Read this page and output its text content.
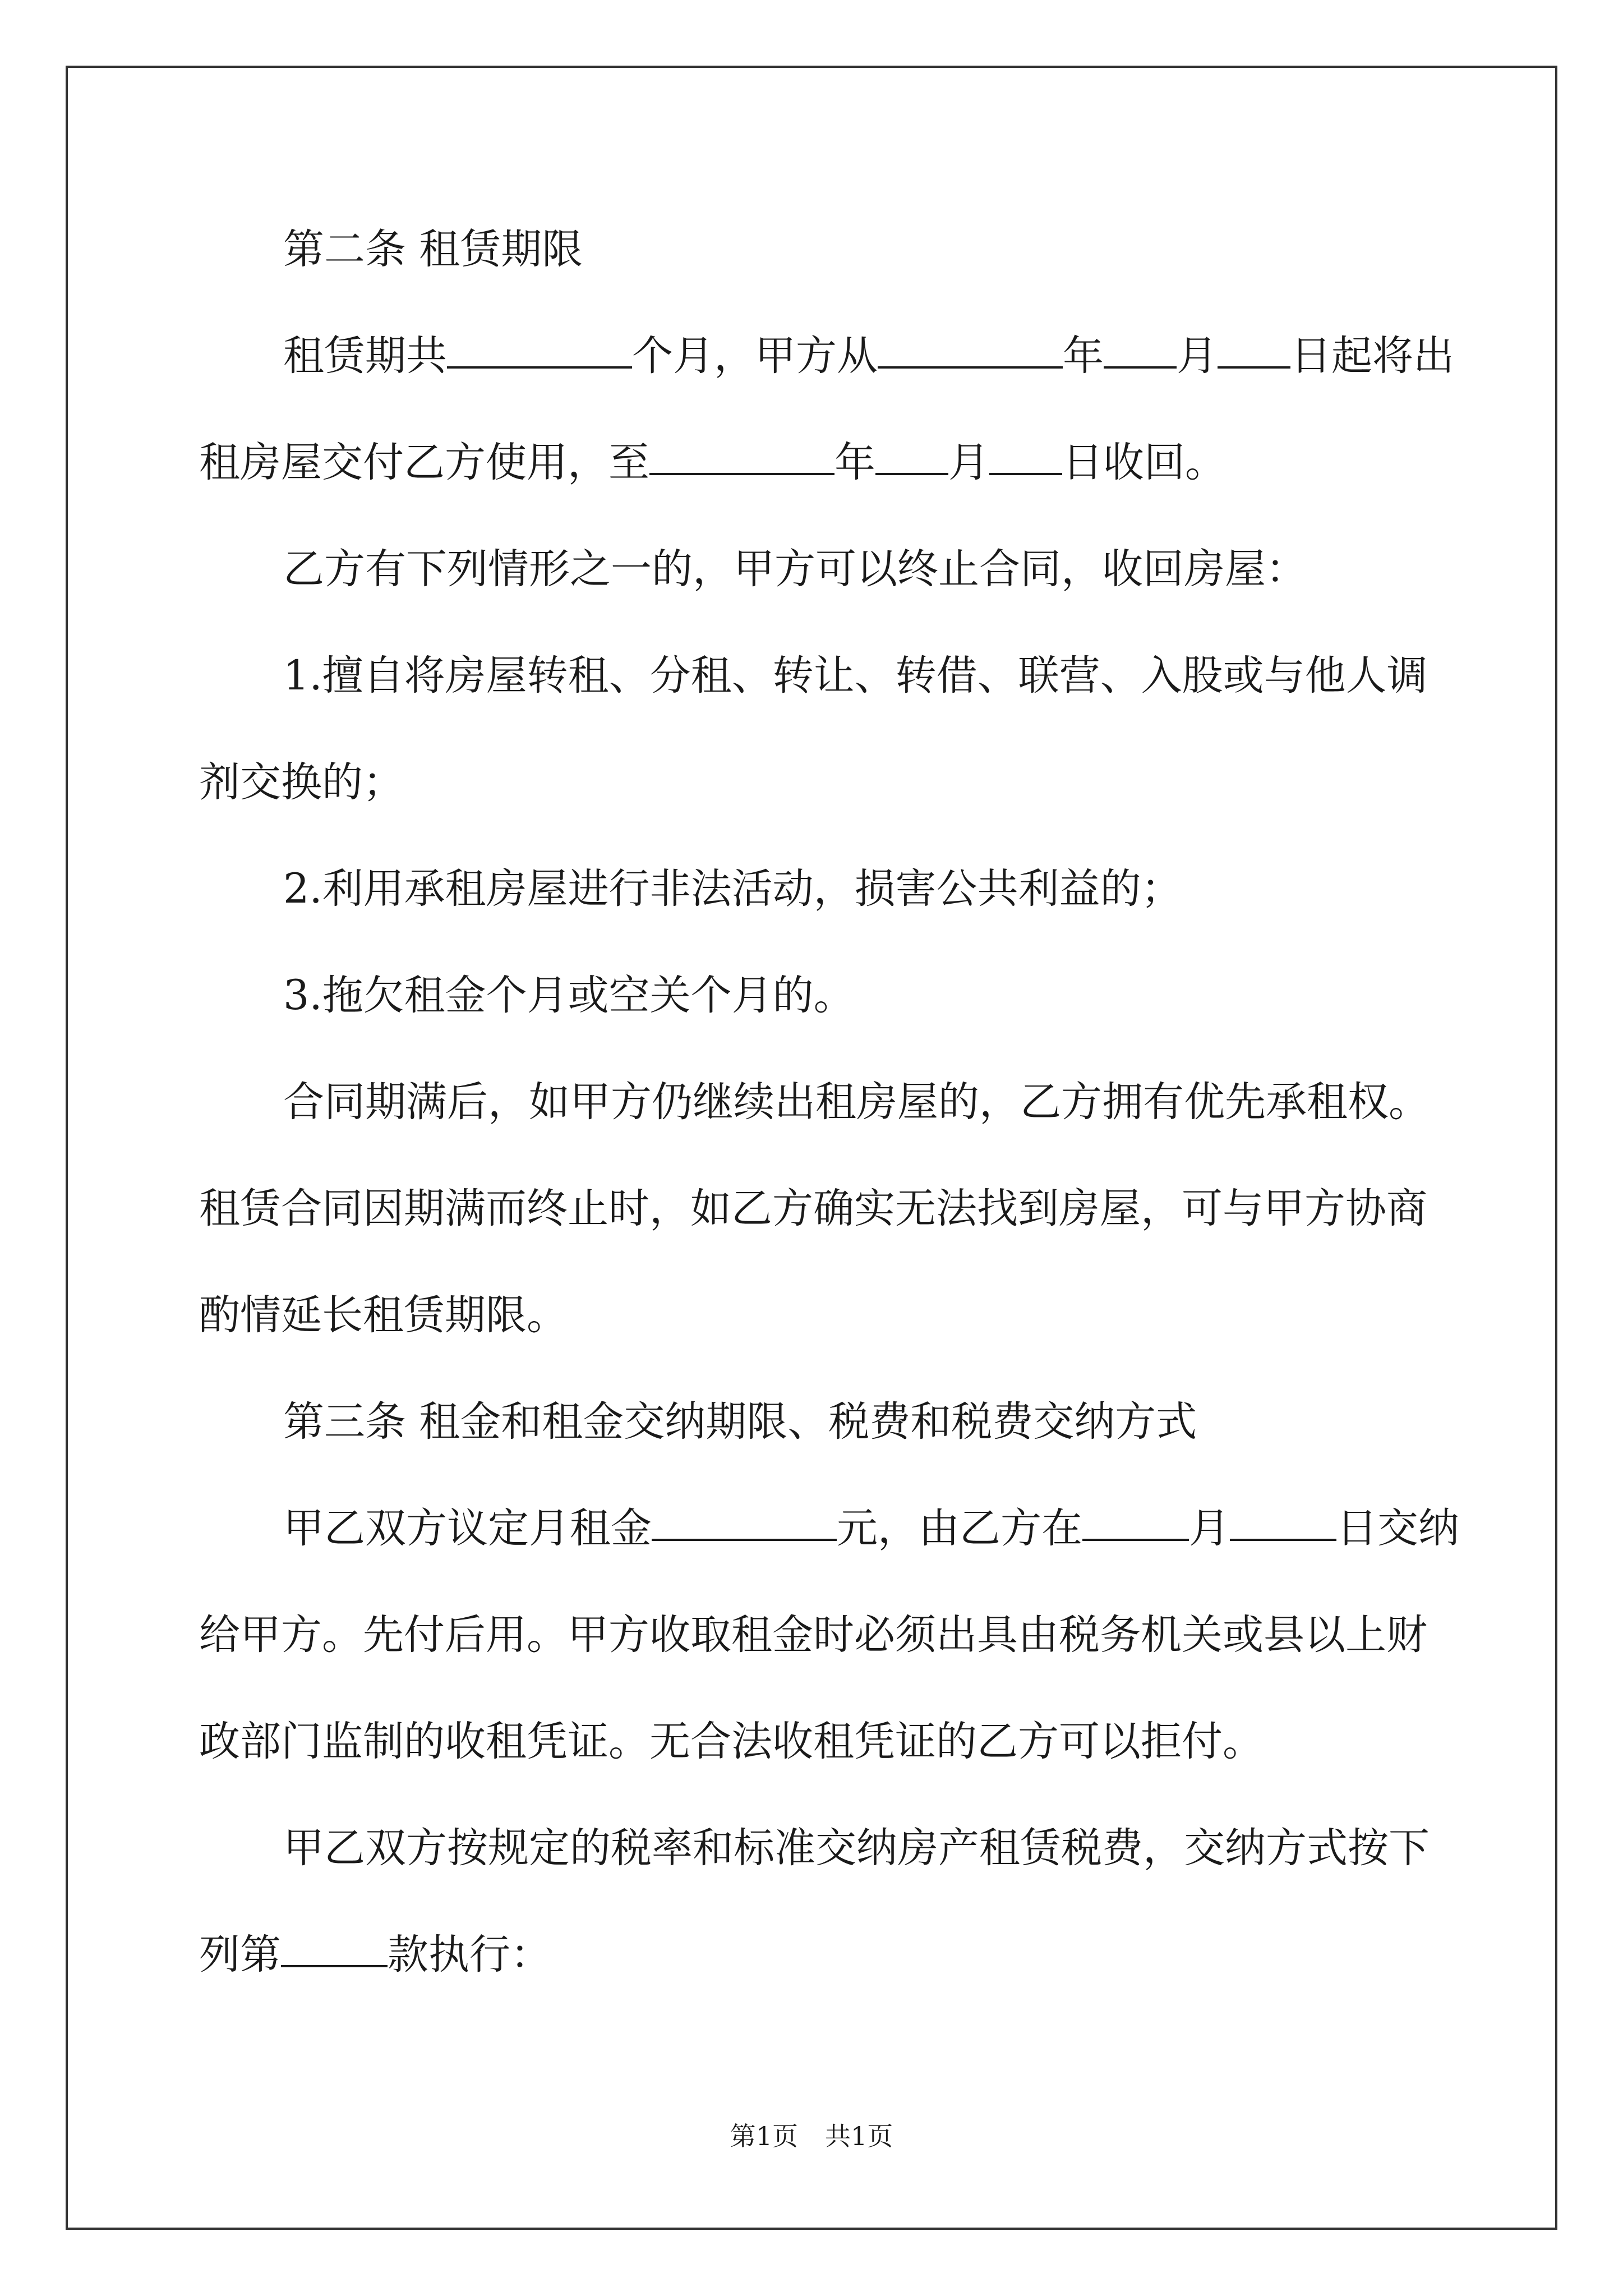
第二条 租赁期限

租赁期共	个月，甲方从	年 月 日起将出

租房屋交付乙方使用，至	年 月 日收回。

乙方有下列情形之一的，甲方可以终止合同，收回房屋：

1.擅自将房屋转租、分租、转让、转借、联营、入股或与他人调

剂交换的；

2.利用承租房屋进行非法活动，损害公共利益的；

3.拖欠租金个月或空关个月的。

合同期满后，如甲方仍继续出租房屋的，乙方拥有优先承租权。

租赁合同因期满而终止时，如乙方确实无法找到房屋，可与甲方协商

酌情延长租赁期限。

第三条 租金和租金交纳期限、税费和税费交纳方式

甲乙双方议定月租金	元，由乙方在	月	日交纳

给甲方。先付后用。甲方收取租金时必须出具由税务机关或县以上财

政部门监制的收租凭证。无合法收租凭证的乙方可以拒付。

甲乙双方按规定的税率和标准交纳房产租赁税费，交纳方式按下

列第	款执行：

第1页 共1页
